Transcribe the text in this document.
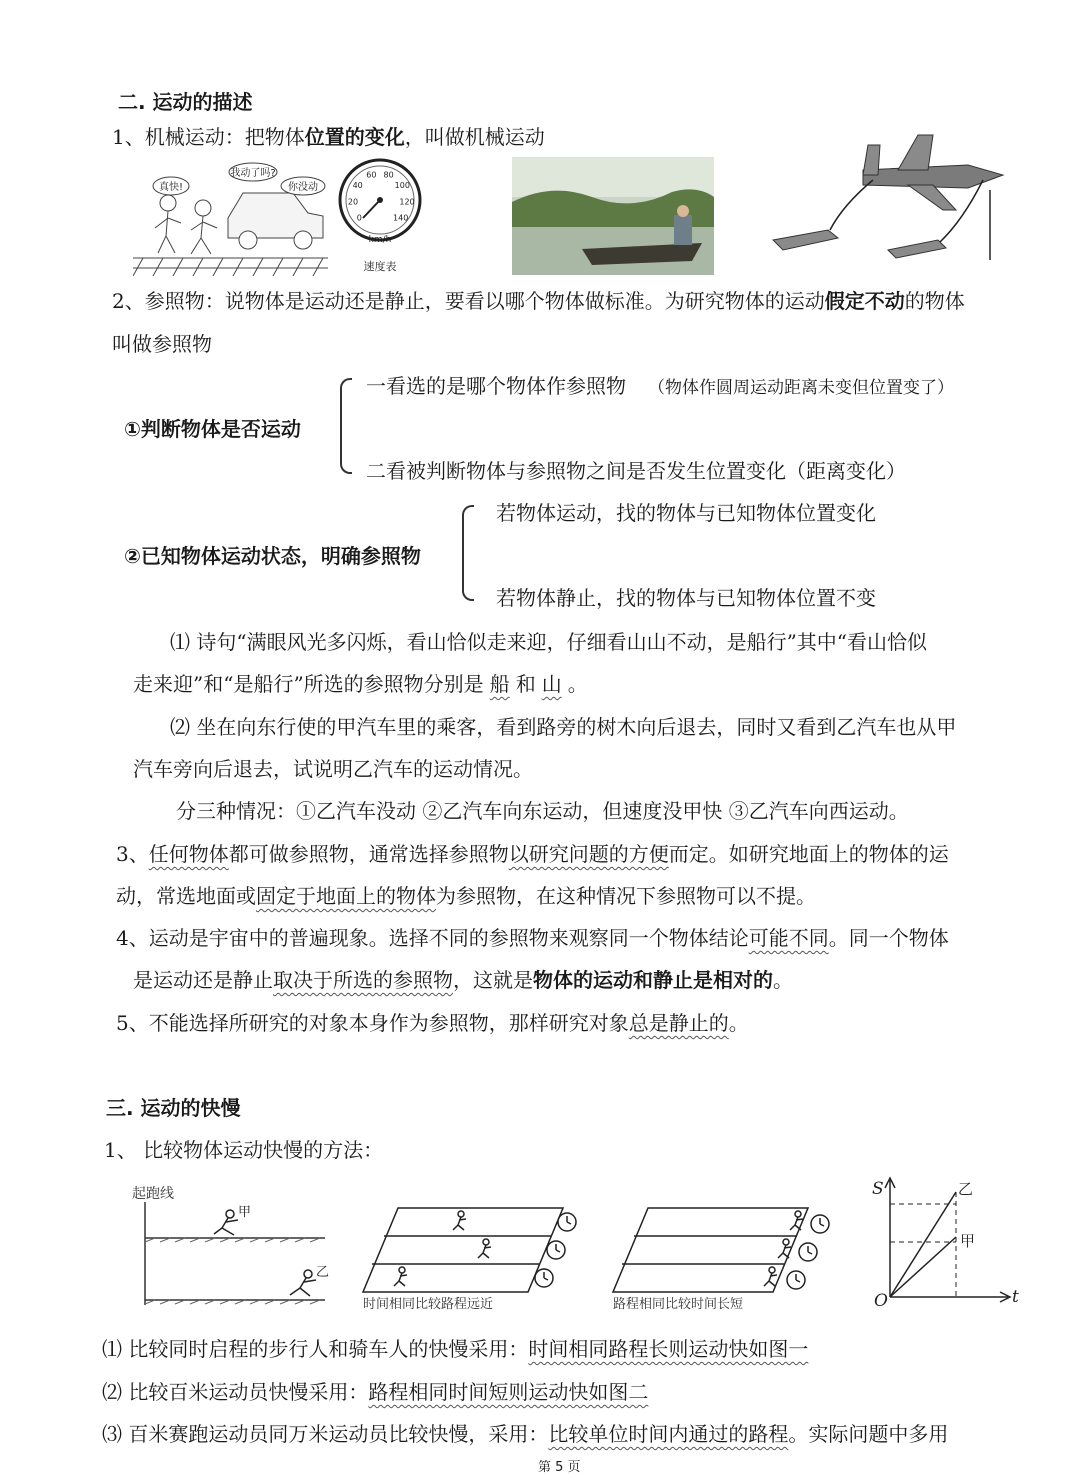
二. 运动的描述
1、机械运动：把物体位置的变化，叫做机械运动
真快!
我动了吗?
你没动
0
20
40
60 80
100
120
140
km/h
速度表
2、参照物：说物体是运动还是静止，要看以哪个物体做标准。为研究物体的运动假定不动的物体
叫做参照物
①判断物体是否运动
一看选的是哪个物体作参照物 （物体作圆周运动距离未变但位置变了）
二看被判断物体与参照物之间是否发生位置变化（距离变化）
②已知物体运动状态，明确参照物
若物体运动，找的物体与已知物体位置变化
若物体静止，找的物体与已知物体位置不变
⑴ 诗句“满眼风光多闪烁，看山恰似走来迎，仔细看山山不动，是船行”其中“看山恰似
走来迎”和“是船行”所选的参照物分别是 船 和 山 。
⑵ 坐在向东行使的甲汽车里的乘客，看到路旁的树木向后退去，同时又看到乙汽车也从甲
汽车旁向后退去，试说明乙汽车的运动情况。
分三种情况：①乙汽车没动 ②乙汽车向东运动，但速度没甲快 ③乙汽车向西运动。
3、任何物体都可做参照物，通常选择参照物以研究问题的方便而定。如研究地面上的物体的运
动，常选地面或固定于地面上的物体为参照物，在这种情况下参照物可以不提。
4、运动是宇宙中的普遍现象。选择不同的参照物来观察同一个物体结论可能不同。同一个物体
是运动还是静止取决于所选的参照物，这就是物体的运动和静止是相对的。
5、不能选择所研究的对象本身作为参照物，那样研究对象总是静止的。
三. 运动的快慢
1、 比较物体运动快慢的方法：
起跑线
甲
乙
时间相同比较路程远近	路程相同比较时间长短
S
t
O
乙
甲
⑴ 比较同时启程的步行人和骑车人的快慢采用：时间相同路程长则运动快如图一
⑵ 比较百米运动员快慢采用：路程相同时间短则运动快如图二
⑶ 百米赛跑运动员同万米运动员比较快慢，采用：比较单位时间内通过的路程。实际问题中多用
第 5 页
